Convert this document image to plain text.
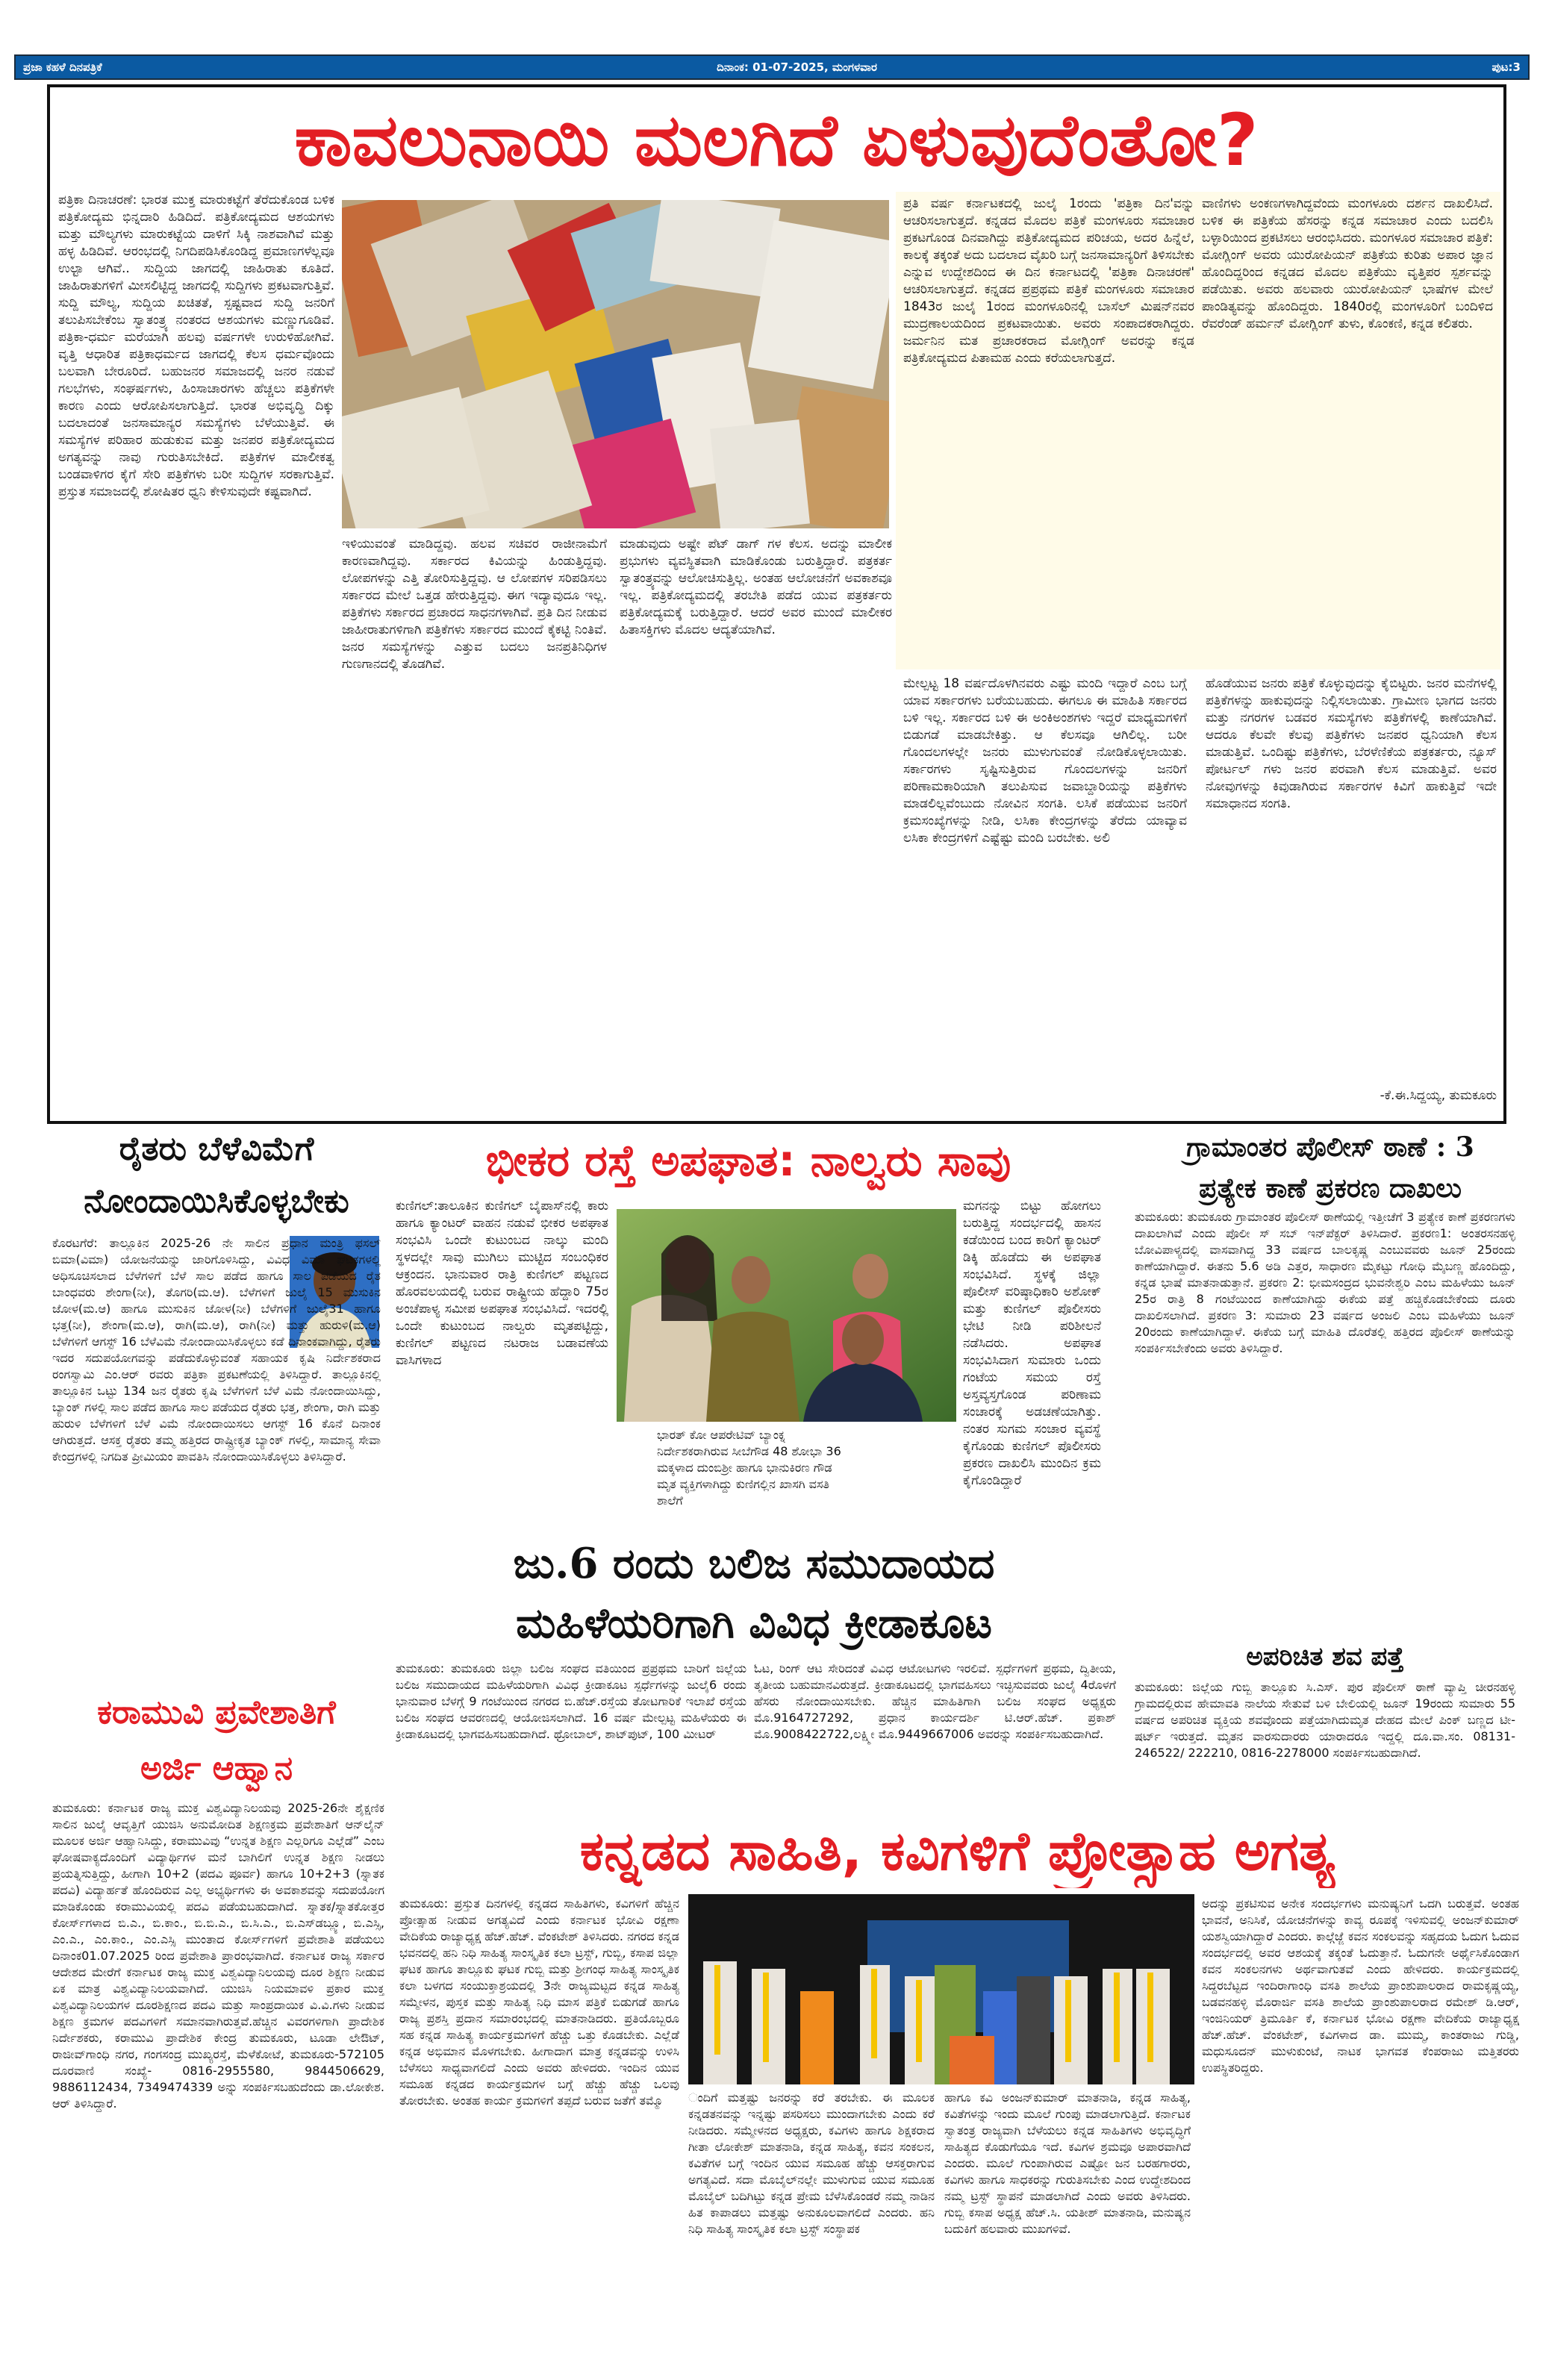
ಪ್ರಜಾ ಕಹಳೆ ದಿನಪತ್ರಿಕೆ	ದಿನಾಂಕ: 01-07-2025, ಮಂಗಳವಾರ	ಪುಟ:3
ಕಾವಲುನಾಯಿ ಮಲಗಿದೆ ಏಳುವುದೆಂತೋ?
ಪತ್ರಿಕಾ ದಿನಾಚರಣೆ: ಭಾರತ ಮುಕ್ತ ಮಾರುಕಟ್ಟೆಗೆ ತೆರೆದುಕೊಂಡ ಬಳಿಕ ಪತ್ರಿಕೋದ್ಯಮ ಭಿನ್ನದಾರಿ ಹಿಡಿದಿದೆ. ಪತ್ರಿಕೋದ್ಯಮದ ಆಶಯಗಳು ಮತ್ತು ಮೌಲ್ಯಗಳು ಮಾರುಕಟ್ಟೆಯ ದಾಳಿಗೆ ಸಿಕ್ಕಿ ನಾಶವಾಗಿವೆ ಮತ್ತು ಹಳ್ಳ ಹಿಡಿದಿವೆ. ಆರಂಭದಲ್ಲಿ ನಿಗದಿಪಡಿಸಿಕೊಂಡಿದ್ದ ಪ್ರಮಾಣಗಳೆಲ್ಲವೂ ಉಲ್ಟಾ ಆಗಿವೆ.. ಸುದ್ದಿಯ ಜಾಗದಲ್ಲಿ ಜಾಹಿರಾತು ಕೂತಿದೆ. ಜಾಹಿರಾತುಗಳಿಗೆ ಮೀಸಲಿಟ್ಟಿದ್ದ ಜಾಗದಲ್ಲಿ ಸುದ್ದಿಗಳು ಪ್ರಕಟವಾಗುತ್ತಿವೆ. ಸುದ್ದಿ ಮೌಲ್ಯ, ಸುದ್ದಿಯ ಖಚಿತತೆ, ಸ್ಪಷ್ಟವಾದ ಸುದ್ದಿ ಜನರಿಗೆ ತಲುಪಿಸಬೇಕೆಂಬ ಸ್ವಾತಂತ್ರ್ಯ ನಂತರದ ಆಶಯಗಳು ಮಣ್ಣುಗೂಡಿವೆ. ಪತ್ರಿಕಾ-ಧರ್ಮ ಮರೆಯಾಗಿ ಹಲವು ವರ್ಷಗಳೇ ಉರುಳಿಹೋಗಿವೆ. ವೃತ್ತಿ ಆಧಾರಿತ ಪತ್ರಿಕಾಧರ್ಮದ ಜಾಗದಲ್ಲಿ ಕೆಲಸ ಧರ್ಮವೊಂದು ಬಲವಾಗಿ ಬೇರೂರಿದೆ. ಬಹುಜನರ ಸಮಾಜದಲ್ಲಿ ಜನರ ನಡುವೆ ಗಲಭೆಗಳು, ಸಂಘರ್ಷಗಳು, ಹಿಂಸಾಚಾರಗಳು ಹೆಚ್ಚಲು ಪತ್ರಿಕೆಗಳೇ ಕಾರಣ ಎಂದು ಆರೋಪಿಸಲಾಗುತ್ತಿದೆ. ಭಾರತ ಅಭಿವೃದ್ಧಿ ದಿಕ್ಕು ಬದಲಾದಂತೆ ಜನಸಾಮಾನ್ಯರ ಸಮಸ್ಯೆಗಳು ಬೆಳೆಯುತ್ತಿವೆ. ಈ ಸಮಸ್ಯೆಗಳ ಪರಿಹಾರ ಹುಡುಕುವ ಮತ್ತು ಜನಪರ ಪತ್ರಿಕೋದ್ಯಮದ ಅಗತ್ಯವನ್ನು ನಾವು ಗುರುತಿಸಬೇಕಿದೆ. ಪತ್ರಿಕೆಗಳ ಮಾಲೀಕತ್ವ ಬಂಡವಾಳಿಗರ ಕೈಗೆ ಸೇರಿ ಪತ್ರಿಕೆಗಳು ಬರೀ ಸುದ್ದಿಗಳ ಸರಕಾಗುತ್ತಿವೆ. ಪ್ರಸ್ತುತ ಸಮಾಜದಲ್ಲಿ ಶೋಷಿತರ ಧ್ವನಿ ಕೇಳಿಸುವುದೇ ಕಷ್ಟವಾಗಿದೆ.
ಇಳಿಯುವಂತೆ ಮಾಡಿದ್ದವು. ಹಲವ ಸಚಿವರ ರಾಜೀನಾಮೆಗೆ ಕಾರಣವಾಗಿದ್ದವು. ಸರ್ಕಾರದ ಕಿವಿಯನ್ನು ಹಿಂಡುತ್ತಿದ್ದವು. ಲೋಪಗಳನ್ನು ಎತ್ತಿ ತೋರಿಸುತ್ತಿದ್ದವು. ಆ ಲೋಪಗಳ ಸರಿಪಡಿಸಲು ಸರ್ಕಾರದ ಮೇಲೆ ಒತ್ತಡ ಹೇರುತ್ತಿದ್ದವು. ಈಗ ಇದ್ಯಾವುದೂ ಇಲ್ಲ. ಪತ್ರಿಕೆಗಳು ಸರ್ಕಾರದ ಪ್ರಚಾರದ ಸಾಧನಗಳಾಗಿವೆ. ಪ್ರತಿ ದಿನ ನೀಡುವ ಜಾಹೀರಾತುಗಳಿಗಾಗಿ ಪತ್ರಿಕೆಗಳು ಸರ್ಕಾರದ ಮುಂದೆ ಕೈಕಟ್ಟಿ ನಿಂತಿವೆ. ಜನರ ಸಮಸ್ಯೆಗಳನ್ನು ಎತ್ತುವ ಬದಲು ಜನಪ್ರತಿನಿಧಿಗಳ ಗುಣಗಾನದಲ್ಲಿ ತೊಡಗಿವೆ.
ಮಾಡುವುದು ಅಷ್ಟೇ ಪೆಟ್ ಡಾಗ್ ಗಳ ಕೆಲಸ. ಅದನ್ನು ಮಾಲೀಕ ಪ್ರಭುಗಳು ವ್ಯವಸ್ಥಿತವಾಗಿ ಮಾಡಿಕೊಂಡು ಬರುತ್ತಿದ್ದಾರೆ. ಪತ್ರಕರ್ತ ಸ್ವಾತಂತ್ರ್ಯವನ್ನು ಆಲೋಚಿಸುತ್ತಿಲ್ಲ. ಅಂತಹ ಆಲೋಚನೆಗೆ ಅವಕಾಶವೂ ಇಲ್ಲ. ಪತ್ರಿಕೋದ್ಯಮದಲ್ಲಿ ತರಬೇತಿ ಪಡೆದ ಯುವ ಪತ್ರಕರ್ತರು ಪತ್ರಿಕೋದ್ಯಮಕ್ಕೆ ಬರುತ್ತಿದ್ದಾರೆ. ಆದರೆ ಅವರ ಮುಂದೆ ಮಾಲೀಕರ ಹಿತಾಸಕ್ತಿಗಳು ಮೊದಲ ಆದ್ಯತೆಯಾಗಿವೆ.
ಪ್ರತಿ ವರ್ಷ ಕರ್ನಾಟಕದಲ್ಲಿ ಜುಲೈ 1ರಂದು 'ಪತ್ರಿಕಾ ದಿನ'ವನ್ನು ಆಚರಿಸಲಾಗುತ್ತದೆ. ಕನ್ನಡದ ಮೊದಲ ಪತ್ರಿಕೆ ಮಂಗಳೂರು ಸಮಾಚಾರ ಪ್ರಕಟಗೊಂಡ ದಿನವಾಗಿದ್ದು ಪತ್ರಿಕೋದ್ಯಮದ ಪರಿಚಯ, ಅದರ ಹಿನ್ನೆಲೆ, ಕಾಲಕ್ಕೆ ತಕ್ಕಂತೆ ಅದು ಬದಲಾದ ವೈಖರಿ ಬಗ್ಗೆ ಜನಸಾಮಾನ್ಯರಿಗೆ ತಿಳಿಸಬೇಕು ಎನ್ನುವ ಉದ್ದೇಶದಿಂದ ಈ ದಿನ ಕರ್ನಾಟದಲ್ಲಿ 'ಪತ್ರಿಕಾ ದಿನಾಚರಣೆ' ಆಚರಿಸಲಾಗುತ್ತದೆ. ಕನ್ನಡದ ಪ್ರಪ್ರಥಮ ಪತ್ರಿಕೆ ಮಂಗಳೂರು ಸಮಾಚಾರ 1843ರ ಜುಲೈ 1ರಂದ ಮಂಗಳೂರಿನಲ್ಲಿ ಬಾಸೆಲ್ ಮಿಷನ್‌ನವರ ಮುದ್ರಣಾಲಯದಿಂದ ಪ್ರಕಟವಾಯಿತು. ಅವರು ಸಂಪಾದಕರಾಗಿದ್ದರು. ಜರ್ಮನಿನ ಮತ ಪ್ರಚಾರಕರಾದ ಮೋಗ್ಲಿಂಗ್ ಅವರನ್ನು ಕನ್ನಡ ಪತ್ರಿಕೋದ್ಯಮದ ಪಿತಾಮಹ ಎಂದು ಕರೆಯಲಾಗುತ್ತದೆ.
ವಾಣಿಗಳು ಅಂಕಣಗಳಾಗಿದ್ದವೆಂದು ಮಂಗಳೂರು ದರ್ಶನ ದಾಖಲಿಸಿದೆ. ಬಳಿಕ ಈ ಪತ್ರಿಕೆಯ ಹೆಸರನ್ನು ಕನ್ನಡ ಸಮಾಚಾರ ಎಂದು ಬದಲಿಸಿ ಬಳ್ಳಾರಿಯಿಂದ ಪ್ರಕಟಿಸಲು ಆರಂಭಿಸಿದರು. ಮಂಗಳೂರ ಸಮಾಚಾರ ಪತ್ರಿಕೆ: ಮೋಗ್ಲಿಂಗ್ ಅವರು ಯುರೋಪಿಯನ್ ಪತ್ರಿಕೆಯ ಕುರಿತು ಅಪಾರ ಜ್ಞಾನ ಹೊಂದಿದ್ದರಿಂದ ಕನ್ನಡದ ಮೊದಲ ಪತ್ರಿಕೆಯು ವೃತ್ತಿಪರ ಸ್ಪರ್ಶವನ್ನು ಪಡೆಯಿತು. ಅವರು ಹಲವಾರು ಯುರೋಪಿಯನ್ ಭಾಷೆಗಳ ಮೇಲೆ ಪಾಂಡಿತ್ಯವನ್ನು ಹೊಂದಿದ್ದರು. 1840ರಲ್ಲಿ ಮಂಗಳೂರಿಗೆ ಬಂದಿಳಿದ ರೆವರೆಂಡ್ ಹರ್ಮನ್ ಮೋಗ್ಲಿಂಗ್ ತುಳು, ಕೊಂಕಣಿ, ಕನ್ನಡ ಕಲಿತರು.
ಮೇಲ್ಪಟ್ಟ 18 ವರ್ಷದೊಳಗಿನವರು ಎಷ್ಟು ಮಂದಿ ಇದ್ದಾರೆ ಎಂಬ ಬಗ್ಗೆ ಯಾವ ಸರ್ಕಾರಗಳು ಬರೆಯಬಹುದು. ಈಗಲೂ ಈ ಮಾಹಿತಿ ಸರ್ಕಾರದ ಬಳಿ ಇಲ್ಲ. ಸರ್ಕಾರದ ಬಳಿ ಈ ಅಂಕಿಅಂಶಗಳು ಇದ್ದರೆ ಮಾಧ್ಯಮಗಳಿಗೆ ಬಿಡುಗಡೆ ಮಾಡಬೇಕಿತ್ತು. ಆ ಕೆಲಸವೂ ಆಗಿಲಿಲ್ಲ. ಬರೀ ಗೊಂದಲಗಳಲ್ಲೇ ಜನರು ಮುಳುಗುವಂತೆ ನೋಡಿಕೊಳ್ಳಲಾಯಿತು. ಸರ್ಕಾರಗಳು ಸೃಷ್ಟಿಸುತ್ತಿರುವ ಗೊಂದಲಗಳನ್ನು ಜನರಿಗೆ ಪರಿಣಾಮಕಾರಿಯಾಗಿ ತಲುಪಿಸುವ ಜವಾಬ್ದಾರಿಯನ್ನು ಪತ್ರಿಕೆಗಳು ಮಾಡಲಿಲ್ಲವೆಂಬುದು ನೋವಿನ ಸಂಗತಿ. ಲಸಿಕೆ ಪಡೆಯುವ ಜನರಿಗೆ ಕ್ರಮಸಂಖ್ಯೆಗಳನ್ನು ನೀಡಿ, ಲಸಿಕಾ ಕೇಂದ್ರಗಳನ್ನು ತೆರೆದು ಯಾವ್ಯಾವ ಲಸಿಕಾ ಕೇಂದ್ರಗಳಿಗೆ ಎಷ್ಟೆಷ್ಟು ಮಂದಿ ಬರಬೇಕು. ಅಲಿ
ಹೊಡೆಯುವ ಜನರು ಪತ್ರಿಕೆ ಕೊಳ್ಳುವುದನ್ನು ಕೈಬಿಟ್ಟರು. ಜನರ ಮನೆಗಳಲ್ಲಿ ಪತ್ರಿಕೆಗಳನ್ನು ಹಾಕುವುದನ್ನು ನಿಲ್ಲಿಸಲಾಯಿತು. ಗ್ರಾಮೀಣ ಭಾಗದ ಜನರು ಮತ್ತು ನಗರಗಳ ಬಡವರ ಸಮಸ್ಯೆಗಳು ಪತ್ರಿಕೆಗಳಲ್ಲಿ ಕಾಣೆಯಾಗಿವೆ. ಆದರೂ ಕೆಲವೇ ಕೆಲವು ಪತ್ರಿಕೆಗಳು ಜನಪರ ಧ್ವನಿಯಾಗಿ ಕೆಲಸ ಮಾಡುತ್ತಿವೆ. ಒಂದಿಷ್ಟು ಪತ್ರಿಕೆಗಳು, ಬೆರಳೆಣಿಕೆಯ ಪತ್ರಕರ್ತರು, ನ್ಯೂಸ್ ಪೋರ್ಟಲ್ ಗಳು ಜನರ ಪರವಾಗಿ ಕೆಲಸ ಮಾಡುತ್ತಿವೆ. ಅವರ ನೋವುಗಳನ್ನು ಕಿವುಡಾಗಿರುವ ಸರ್ಕಾರಗಳ ಕಿವಿಗೆ ಹಾಕುತ್ತಿವೆ ಇದೇ ಸಮಾಧಾನದ ಸಂಗತಿ.
-ಕೆ.ಈ.ಸಿದ್ದಯ್ಯ, ತುಮಕೂರು
ರೈತರು ಬೆಳೆವಿಮೆಗೆ
ನೋಂದಾಯಿಸಿಕೊಳ್ಳಬೇಕು
ಕೊರಟಗೆರೆ: ತಾಲ್ಲೂಕಿನ 2025-26 ನೇ ಸಾಲಿನ ಪ್ರಧಾನ ಮಂತ್ರಿ ಫಸಲ್ ಬಿಮಾ(ವಿಮಾ) ಯೋಜನೆಯನ್ನು ಜಾರಿಗೊಳಿಸಿದ್ದು, ವಿವಿಧ ವಿಮಾ ಘಟಕಗಳಲ್ಲಿ ಅಧಿಸೂಚಿಸಲಾದ ಬೆಳೆಗಳಿಗೆ ಬೆಳೆ ಸಾಲ ಪಡೆದ ಹಾಗೂ ಸಾಲ ಪಡೆಯದ ರೈತ ಬಾಂಧವರು ಶೇಂಗಾ(ನೀ), ತೊಗರಿ(ಮ.ಆ). ಬೆಳೆಗಳಿಗೆ ಜುಲೈ 15 ಮುಸುಕಿನ ಜೋಳ(ಮ.ಆ) ಹಾಗೂ ಮುಸುಕಿನ ಜೋಳ(ನೀ) ಬೆಳೆಗಳಿಗೆ ಜುಲೈ31 ಹಾಗೂ ಭತ್ತ(ನೀ), ಶೇಂಗಾ(ಮ.ಆ), ರಾಗಿ(ಮ.ಆ), ರಾಗಿ(ನೀ) ಮತ್ತು ಹುರುಳಿ(ಮ.ಆ) ಬೆಳೆಗಳಿಗೆ ಆಗಸ್ಟ್ 16 ಬೆಳೆವಿಮೆ ನೋಂದಾಯಿಸಿಕೊಳ್ಳಲು ಕಡೆ ದಿನಾಂಕವಾಗಿದ್ದು, ರೈತರು ಇದರ ಸದುಪಯೋಗವನ್ನು ಪಡೆದುಕೊಳ್ಳುವಂತೆ ಸಹಾಯಕ ಕೃಷಿ ನಿರ್ದೇಶಕರಾದ ರಂಗಸ್ವಾಮಿ ಎಂ.ಆರ್ ರವರು ಪತ್ರಿಕಾ ಪ್ರಕಟಣೆಯಲ್ಲಿ ತಿಳಿಸಿದ್ದಾರೆ. ತಾಲ್ಲೂಕಿನಲ್ಲಿ ತಾಲ್ಲೂಕಿನ ಒಟ್ಟು 134 ಜನ ರೈತರು ಕೃಷಿ ಬೆಳೆಗಳಿಗೆ ಬೆಳೆ ವಿಮೆ ನೋಂದಾಯಿಸಿದ್ದು, ಬ್ಯಾಂಕ್ ಗಳಲ್ಲಿ ಸಾಲ ಪಡೆದ ಹಾಗೂ ಸಾಲ ಪಡೆಯದ ರೈತರು ಭತ್ತ, ಶೇಂಗಾ, ರಾಗಿ ಮತ್ತು ಹುರುಳಿ ಬೆಳೆಗಳಿಗೆ ಬೆಳೆ ವಿಮೆ ನೋಂದಾಯಿಸಲು ಆಗಸ್ಟ್ 16 ಕೊನೆ ದಿನಾಂಕ ಆಗಿರುತ್ತದೆ. ಆಸಕ್ತ ರೈತರು ತಮ್ಮ ಹತ್ತಿರದ ರಾಷ್ಟ್ರೀಕೃತ ಬ್ಯಾಂಕ್ ಗಳಲ್ಲಿ, ಸಾಮಾನ್ಯ ಸೇವಾ ಕೇಂದ್ರಗಳಲ್ಲಿ ನಿಗದಿತ ಪ್ರೀಮಿಯಂ ಪಾವತಿಸಿ ನೋಂದಾಯಿಸಿಕೊಳ್ಳಲು ತಿಳಿಸಿದ್ದಾರೆ.
ಭೀಕರ ರಸ್ತೆ ಅಪಘಾತ: ನಾಲ್ವರು ಸಾವು
ಕುಣಿಗಲ್:ತಾಲೂಕಿನ ಕುಣಿಗಲ್ ಬೈಪಾಸ್‌ನಲ್ಲಿ ಕಾರು ಹಾಗೂ ಕ್ಯಾಂಟರ್ ವಾಹನ ನಡುವೆ ಭೀಕರ ಅಪಘಾತ ಸಂಭವಿಸಿ ಒಂದೇ ಕುಟುಂಬದ ನಾಲ್ಕು ಮಂದಿ ಸ್ಥಳದಲ್ಲೇ ಸಾವು ಮುಗಿಲು ಮುಟ್ಟಿದ ಸಂಬಂಧಿಕರ ಆಕ್ರಂದನ. ಭಾನುವಾರ ರಾತ್ರಿ ಕುಣಿಗಲ್ ಪಟ್ಟಣದ ಹೊರವಲಯದಲ್ಲಿ ಬರುವ ರಾಷ್ಟ್ರೀಯ ಹೆದ್ದಾರಿ 75ರ ಅಂಚೆಪಾಳ್ಯ ಸಮೀಪ ಅಪಘಾತ ಸಂಭವಿಸಿದೆ. ಇದರಲ್ಲಿ ಒಂದೇ ಕುಟುಂಬದ ನಾಲ್ವರು ಮೃತಪಟ್ಟಿದ್ದು, ಕುಣಿಗಲ್ ಪಟ್ಟಣದ ನಟರಾಜ ಬಡಾವಣೆಯ ವಾಸಿಗಳಾದ
ಭಾರತ್ ಕೋ ಆಪರೇಟಿವ್ ಬ್ಯಾಂಕ್ನ ನಿರ್ದೇಶಕರಾಗಿರುವ ಸೀಬೆಗೌಡ 48 ಶೋಭಾ 36 ಮಕ್ಕಳಾದ ದುಂಬಿಶ್ರೀ ಹಾಗೂ ಭಾನುಕಿರಣ ಗೌಡ ಮೃತ ವ್ಯಕ್ತಿಗಳಾಗಿದ್ದು ಕುಣಿಗಲ್ಲಿನ ಖಾಸಗಿ ವಸತಿ ಶಾಲೆಗೆ
ಮಗನನ್ನು ಬಿಟ್ಟು ಹೋಗಲು ಬರುತ್ತಿದ್ದ ಸಂದರ್ಭದಲ್ಲಿ ಹಾಸನ ಕಡೆಯಿಂದ ಬಂದ ಕಾರಿಗೆ ಕ್ಯಾಂಟರ್ ಡಿಕ್ಕಿ ಹೊಡೆದು ಈ ಅಪಘಾತ ಸಂಭವಿಸಿದೆ. ಸ್ಥಳಕ್ಕೆ ಜಿಲ್ಲಾ ಪೊಲೀಸ್ ವರಿಷ್ಠಾಧಿಕಾರಿ ಅಶೋಕ್ ಮತ್ತು ಕುಣಿಗಲ್ ಪೊಲೀಸರು ಭೇಟಿ ನೀಡಿ ಪರಿಶೀಲನೆ ನಡೆಸಿದರು. ಅಪಘಾತ ಸಂಭವಿಸಿದಾಗ ಸುಮಾರು ಒಂದು ಗಂಟೆಯ ಸಮಯ ರಸ್ತೆ ಅಸ್ತವ್ಯಸ್ತಗೊಂಡ ಪರಿಣಾಮ ಸಂಚಾರಕ್ಕೆ ಅಡಚಣೆಯಾಗಿತ್ತು. ನಂತರ ಸುಗಮ ಸಂಚಾರ ವ್ಯವಸ್ಥೆ ಕೈಗೊಂಡು ಕುಣಿಗಲ್ ಪೊಲೀಸರು ಪ್ರಕರಣ ದಾಖಲಿಸಿ ಮುಂದಿನ ಕ್ರಮ ಕೈಗೊಂಡಿದ್ದಾರೆ
ಗ್ರಾಮಾಂತರ ಪೊಲೀಸ್ ಠಾಣೆ : 3
ಪ್ರತ್ಯೇಕ ಕಾಣೆ ಪ್ರಕರಣ ದಾಖಲು
ತುಮಕೂರು: ತುಮಕೂರು ಗ್ರಾಮಾಂತರ ಪೊಲೀಸ್ ಠಾಣೆಯಲ್ಲಿ ಇತ್ತೀಚೆಗೆ 3 ಪ್ರತ್ಯೇಕ ಕಾಣೆ ಪ್ರಕರಣಗಳು ದಾಖಲಾಗಿವೆ ಎಂದು ಪೊಲೀ ಸ್ ಸಬ್ ಇನ್‌ಪೆಕ್ಟರ್ ತಿಳಿಸಿದಾರೆ. ಪ್ರಕರಣ1: ಅಂತರಸನಹಳ್ಳಿ ಬೋವಿಪಾಳ್ಯದಲ್ಲಿ ವಾಸವಾಗಿದ್ದ 33 ವರ್ಷದ ಬಾಲಕೃಷ್ಣ ಎಂಬುವವರು ಜೂನ್ 25ರಂದು ಕಾಣೆಯಾಗಿದ್ದಾರೆ. ಈತನು 5.6 ಅಡಿ ಎತ್ತರ, ಸಾಧಾರಣ ಮೈಕಟ್ಟು ಗೋಧಿ ಮೈಬಣ್ಣ ಹೊಂದಿದ್ದು, ಕನ್ನಡ ಭಾಷೆ ಮಾತನಾಡುತ್ತಾನೆ. ಪ್ರಕರಣ 2: ಭೀಮಸಂದ್ರದ ಭುವನೇಶ್ವರಿ ಎಂಬ ಮಹಿಳೆಯು ಜೂನ್ 25ರ ರಾತ್ರಿ 8 ಗಂಟೆಯಿಂದ ಕಾಣೆಯಾಗಿದ್ದು ಈಕೆಯ ಪತ್ತೆ ಹಚ್ಚಿಕೊಡಬೇಕೆಂದು ದೂರು ದಾಖಲಿಸಲಾಗಿದೆ. ಪ್ರಕರಣ 3: ಸುಮಾರು 23 ವರ್ಷದ ಅಂಜಲಿ ಎಂಬ ಮಹಿಳೆಯು ಜೂನ್ 20ರಂದು ಕಾಣೆಯಾಗಿದ್ದಾಳೆ. ಈಕೆಯ ಬಗ್ಗೆ ಮಾಹಿತಿ ದೊರೆತಲ್ಲಿ ಹತ್ತಿರದ ಪೊಲೀಸ್ ಠಾಣೆಯನ್ನು ಸಂಪರ್ಕಿಸಬೇಕೆಂದು ಅವರು ತಿಳಿಸಿದ್ದಾರೆ.
ಅಪರಿಚಿತ ಶವ ಪತ್ತೆ
ತುಮಕೂರು: ಜಿಲ್ಲೆಯ ಗುಬ್ಬಿ ತಾಲ್ಲೂಕು ಸಿ.ಎಸ್. ಪುರ ಪೊಲೀಸ್ ಠಾಣೆ ವ್ಯಾಪ್ತಿ ಚೀರನಹಳ್ಳಿ ಗ್ರಾಮದಲ್ಲಿರುವ ಹೇಮಾವತಿ ನಾಲೆಯ ಸೇತುವೆ ಬಳಿ ಬೇಲಿಯಲ್ಲಿ ಜೂನ್ 19ರಂದು ಸುಮಾರು 55 ವರ್ಷದ ಅಪರಿಚಿತ ವ್ಯಕ್ತಿಯ ಶವವೊಂದು ಪತ್ತೆಯಾಗಿದುಮೃತ ದೇಹದ ಮೇಲೆ ಪಿಂಕ್ ಬಣ್ಣದ ಟೀ-ಷರ್ಟ್ ಇರುತ್ತದೆ. ಮೃತನ ವಾರಸುದಾರರು ಯಾರಾದರೂ ಇದ್ದಲ್ಲಿ ದೂ.ವಾ.ಸಂ. 08131-246522/ 222210, 0816-2278000 ಸಂಪರ್ಕಿಸಬಹುದಾಗಿದೆ.
ಜು.6 ರಂದು ಬಲಿಜ ಸಮುದಾಯದ
ಮಹಿಳೆಯರಿಗಾಗಿ ವಿವಿಧ ಕ್ರೀಡಾಕೂಟ
ತುಮಕೂರು: ತುಮಕೂರು ಜಿಲ್ಲಾ ಬಲಿಜ ಸಂಘದ ವತಿಯಿಂದ ಪ್ರಪ್ರಥಮ ಬಾರಿಗೆ ಜಿಲ್ಲೆಯ ಬಲಿಜ ಸಮುದಾಯದ ಮಹಿಳೆಯರಿಗಾಗಿ ವಿವಿಧ ಕ್ರೀಡಾಕೂಟ ಸ್ಪರ್ಧೆಗಳನ್ನು ಜುಲೈ6 ರಂದು ಭಾನುವಾರ ಬೆಳಗ್ಗೆ 9 ಗಂಟೆಯಿಂದ ನಗರದ ಬಿ.ಹೆಚ್.ರಸ್ತೆಯ ತೋಟಗಾರಿಕೆ ಇಲಾಖೆ ರಸ್ತೆಯ ಬಲಿಜ ಸಂಘದ ಆವರಣದಲ್ಲಿ ಆಯೋಜಿಸಲಾಗಿದೆ. 16 ವರ್ಷ ಮೇಲ್ಪಟ್ಟ ಮಹಿಳೆಯರು ಈ ಕ್ರೀಡಾಕೂಟದಲ್ಲಿ ಭಾಗವಹಿಸಬಹುದಾಗಿದೆ. ಥ್ರೋಬಾಲ್, ಶಾಟ್‌ಪುಟ್, 100 ಮೀಟರ್
ಓಟ, ರಿಂಗ್ ಆಟ ಸೇರಿದಂತೆ ವಿವಿಧ ಆಟೋಟಗಳು ಇರಲಿವೆ. ಸ್ಪರ್ಧೆಗಳಿಗೆ ಪ್ರಥಮ, ದ್ವಿತೀಯ, ತೃತೀಯ ಬಹುಮಾನವಿರುತ್ತದೆ. ಕ್ರೀಡಾಕೂಟದಲ್ಲಿ ಭಾಗವಹಿಸಲು ಇಚ್ಛಿಸುವವರು ಜುಲೈ 4ರೊಳಗೆ ಹೆಸರು ನೋಂದಾಯಿಸಬೇಕು. ಹೆಚ್ಚಿನ ಮಾಹಿತಿಗಾಗಿ ಬಲಿಜ ಸಂಘದ ಅಧ್ಯಕ್ಷರು ಮೊ.9164727292, ಪ್ರಧಾನ ಕಾರ್ಯದರ್ಶಿ ಟಿ.ಆರ್.ಹೆಚ್. ಪ್ರಕಾಶ್ ಮೊ.9008422722,ಲಕ್ಷ್ಮೀ ಮೊ.9449667006 ಅವರನ್ನು ಸಂಪರ್ಕಿಸಬಹುದಾಗಿದೆ.
ಕರಾಮುವಿ ಪ್ರವೇಶಾತಿಗೆ
ಅರ್ಜಿ ಆಹ್ವಾನ
ತುಮಕೂರು: ಕರ್ನಾಟಕ ರಾಜ್ಯ ಮುಕ್ತ ವಿಶ್ವವಿದ್ಯಾನಿಲಯವು 2025-26ನೇ ಶೈಕ್ಷಣಿಕ ಸಾಲಿನ ಜುಲೈ ಆವೃತ್ತಿಗೆ ಯುಜಿಸಿ ಅನುಮೋದಿತ ಶಿಕ್ಷಣಕ್ರಮ ಪ್ರವೇಶಾತಿಗೆ ಆನ್‌ಲೈನ್ ಮೂಲಕ ಅರ್ಜಿ ಆಹ್ವಾನಿಸಿದ್ದು, ಕರಾಮುವಿವು “ಉನ್ನತ ಶಿಕ್ಷಣ ಎಲ್ಲರಿಗೂ ಎಲ್ಲೆಡೆ” ಎಂಬ ಘೋಷವಾಕ್ಯದೊಂದಿಗೆ ವಿದ್ಯಾರ್ಥಿಗಳ ಮನೆ ಬಾಗಿಲಿಗೆ ಉನ್ನತ ಶಿಕ್ಷಣ ನೀಡಲು ಪ್ರಯತ್ನಿಸುತ್ತಿದ್ದು, ಹೀಗಾಗಿ 10+2 (ಪದವಿ ಪೂರ್ವ) ಹಾಗೂ 10+2+3 (ಸ್ನಾತಕ ಪದವಿ) ವಿದ್ಯಾರ್ಹತೆ ಹೊಂದಿರುವ ಎಲ್ಲ ಅಭ್ಯರ್ಥಿಗಳು ಈ ಅವಕಾಶವನ್ನು ಸದುಪಯೋಗ ಮಾಡಿಕೊಂಡು ಕರಾಮುವಿಯಲ್ಲಿ ಪದವಿ ಪಡೆಯಬಹುದಾಗಿದೆ. ಸ್ನಾತಕ/ಸ್ನಾತಕೋತ್ತರ ಕೋರ್ಸ್‌ಗಳಾದ ಬಿ.ಎ., ಬಿ.ಕಾಂ., ಬಿ.ಬಿ.ಎ., ಬಿ.ಸಿ.ಎ., ಬಿ.ಎಸ್‌ಡಬ್ಲ್ಯೂ, ಬಿ.ಎಸ್ಸಿ, ಎಂ.ಎ., ಎಂ.ಕಾಂ., ಎಂ.ಎಸ್ಸಿ ಮುಂತಾದ ಕೋರ್ಸ್‌ಗಳಿಗೆ ಪ್ರವೇಶಾತಿ ಪಡೆಯಲು ದಿನಾಂಕ01.07.2025 ರಿಂದ ಪ್ರವೇಶಾತಿ ಪ್ರಾರಂಭವಾಗಿದೆ. ಕರ್ನಾಟಕ ರಾಜ್ಯ ಸರ್ಕಾರ ಆದೇಶದ ಮೇರೆಗೆ ಕರ್ನಾಟಕ ರಾಜ್ಯ ಮುಕ್ತ ವಿಶ್ವವಿದ್ಯಾನಿಲಯವು ದೂರ ಶಿಕ್ಷಣ ನೀಡುವ ಏಕ ಮಾತ್ರ ವಿಶ್ವವಿದ್ಯಾನಿಲಯವಾಗಿದೆ. ಯುಜಿಸಿ ನಿಯಮಾವಳಿ ಪ್ರಕಾರ ಮುಕ್ತ ವಿಶ್ವವಿದ್ಯಾನಿಲಯಗಳ ದೂರಶಿಕ್ಷಣದ ಪದವಿ ಮತ್ತು ಸಾಂಪ್ರದಾಯಿಕ ವಿ.ವಿ.ಗಳು ನೀಡುವ ಶಿಕ್ಷಣ ಕ್ರಮಗಳ ಪದವಿಗಳಿಗೆ ಸಮಾನವಾಗಿರುತ್ತವೆ.ಹೆಚ್ಚಿನ ವಿವರಗಳಿಗಾಗಿ ಪ್ರಾದೇಶಿಕ ನಿರ್ದೇಶಕರು, ಕರಾಮುವಿ ಪ್ರಾದೇಶಿಕ ಕೇಂದ್ರ ತುಮಕೂರು, ಟೂಡಾ ಲೇಔಟ್, ರಾಜೀವ್‌ಗಾಂಧಿ ನಗರ, ಗಂಗಸಂದ್ರ ಮುಖ್ಯರಸ್ತೆ, ಮೆಳೆಕೋಟೆ, ತುಮಕೂರು-572105 ದೂರವಾಣಿ ಸಂಖ್ಯೆ- 0816-2955580, 9844506629, 9886112434, 7349474339 ಅನ್ನು ಸಂಪರ್ಕಿಸಬಹುದೆಂದು ಡಾ.ಲೋಕೇಶ. ಆರ್ ತಿಳಿಸಿದ್ದಾರೆ.
ಕನ್ನಡದ ಸಾಹಿತಿ, ಕವಿಗಳಿಗೆ ಪ್ರೋತ್ಸಾಹ ಅಗತ್ಯ
ತುಮಕೂರು: ಪ್ರಸ್ತುತ ದಿನಗಳಲ್ಲಿ ಕನ್ನಡದ ಸಾಹಿತಿಗಳು, ಕವಿಗಳಿಗೆ ಹೆಚ್ಚಿನ ಪ್ರೋತ್ಸಾಹ ನೀಡುವ ಅಗತ್ಯವಿದೆ ಎಂದು ಕರ್ನಾಟಕ ಭೋವಿ ರಕ್ಷಣಾ ವೇದಿಕೆಯ ರಾಜ್ಯಾಧ್ಯಕ್ಷ ಹೆಚ್.ಹೆಚ್. ವೆಂಕಟೇಶ್ ತಿಳಿಸಿದರು. ನಗರದ ಕನ್ನಡ ಭವನದಲ್ಲಿ ಹನಿ ನಿಧಿ ಸಾಹಿತ್ಯ ಸಾಂಸ್ಕೃತಿಕ ಕಲಾ ಟ್ರಸ್ಟ್, ಗುಬ್ಬಿ, ಕಸಾಪ ಜಿಲ್ಲಾ ಘಟಕ ಹಾಗೂ ತಾಲ್ಲೂಕು ಘಟಕ ಗುಬ್ಬಿ ಮತ್ತು ಶ್ರೀಗಂಧ ಸಾಹಿತ್ಯ ಸಾಂಸ್ಕೃತಿಕ ಕಲಾ ಬಳಗದ ಸಂಯುಕ್ತಾಶ್ರಯದಲ್ಲಿ 3ನೇ ರಾಜ್ಯಮಟ್ಟದ ಕನ್ನಡ ಸಾಹಿತ್ಯ ಸಮ್ಮೇಳನ, ಪುಸ್ತಕ ಮತ್ತು ಸಾಹಿತ್ಯ ನಿಧಿ ಮಾಸ ಪತ್ರಿಕೆ ಬಿಡುಗಡೆ ಹಾಗೂ ರಾಜ್ಯ ಪ್ರಶಸ್ತಿ ಪ್ರದಾನ ಸಮಾರಂಭದಲ್ಲಿ ಮಾತನಾಡಿದರು. ಪ್ರತಿಯೊಬ್ಬರೂ ಸಹ ಕನ್ನಡ ಸಾಹಿತ್ಯ ಕಾರ್ಯಕ್ರಮಗಳಿಗೆ ಹೆಚ್ಚು ಒತ್ತು ಕೊಡಬೇಕು. ಎಲ್ಲೆಡೆ ಕನ್ನಡ ಅಭಿಮಾನ ಮೊಳಗಬೇಕು. ಹೀಗಾದಾಗ ಮಾತ್ರ ಕನ್ನಡವನ್ನು ಉಳಿಸಿ ಬೆಳೆಸಲು ಸಾಧ್ಯವಾಗಲಿದೆ ಎಂದು ಅವರು ಹೇಳಿದರು. ಇಂದಿನ ಯುವ ಸಮೂಹ ಕನ್ನಡದ ಕಾರ್ಯಕ್ರಮಗಳ ಬಗ್ಗೆ ಹೆಚ್ಚು ಹೆಚ್ಚು ಒಲವು ತೋರಬೇಕು. ಅಂತಹ ಕಾರ್ಯ ಕ್ರಮಗಳಿಗೆ ತಪ್ಪದೆ ಬರುವ ಜತೆಗೆ ತಮ್ಮೊ	ಂದಿಗೆ ಮತ್ತಷ್ಟು ಜನರನ್ನು ಕರೆ ತರಬೇಕು. ಈ ಮೂಲಕ ಕನ್ನಡತನವನ್ನು ಇನ್ನಷ್ಟು ಪಸರಿಸಲು ಮುಂದಾಗಬೇಕು ಎಂದು ಕರೆ ನೀಡಿದರು. ಸಮ್ಮೇಳನದ ಅಧ್ಯಕ್ಷರು, ಕವಿಗಳು ಹಾಗೂ ಶಿಕ್ಷಕರಾದ ಗೀತಾ ಲೋಕೇಶ್ ಮಾತನಾಡಿ, ಕನ್ನಡ ಸಾಹಿತ್ಯ, ಕವನ ಸಂಕಲನ, ಕವಿತೆಗಳ ಬಗ್ಗೆ ಇಂದಿನ ಯುವ ಸಮೂಹ ಹೆಚ್ಚು ಆಸಕ್ತರಾಗುವ ಅಗತ್ಯವಿದೆ. ಸದಾ ಮೊಬೈಲ್‌ನಲ್ಲೇ ಮುಳುಗುವ ಯುವ ಸಮೂಹ ಮೊಬೈಲ್ ಬದಿಗಿಟ್ಟು ಕನ್ನಡ ಪ್ರೇಮ ಬೆಳೆಸಿಕೊಂಡರೆ ನಮ್ಮ ನಾಡಿನ ಹಿತ ಕಾಪಾಡಲು ಮತ್ತಷ್ಟು ಅನುಕೂಲವಾಗಲಿದೆ ಎಂದರು. ಹನಿ ನಿಧಿ ಸಾಹಿತ್ಯ ಸಾಂಸ್ಕೃತಿಕ ಕಲಾ ಟ್ರಸ್ಟ್ ಸಂಸ್ಥಾಪಕ
ಹಾಗೂ ಕವಿ ಅಂಜನ್‌ಕುಮಾರ್ ಮಾತನಾಡಿ, ಕನ್ನಡ ಸಾಹಿತ್ಯ, ಕವಿತೆಗಳನ್ನು ಇಂದು ಮೂಲೆ ಗುಂಪು ಮಾಡಲಾಗುತ್ತಿದೆ. ಕರ್ನಾಟಕ ಸ್ವಾತಂತ್ರ ರಾಜ್ಯವಾಗಿ ಬೆಳೆಯಲು ಕನ್ನಡ ಸಾಹಿತಿಗಳು ಅಭಿವೃದ್ಧಿಗೆ ಸಾಹಿತ್ಯದ ಕೊಡುಗೆಯೂ ಇದೆ. ಕವಿಗಳ ಶ್ರಮವೂ ಅಪಾರವಾಗಿದೆ ಎಂದರು. ಮೂಲೆ ಗುಂಪಾಗಿರುವ ಎಷ್ಟೋ ಜನ ಬರಹಗಾರರು, ಕವಿಗಳು ಹಾಗೂ ಸಾಧಕರನ್ನು ಗುರುತಿಸಬೇಕು ಎಂದ ಉದ್ದೇಶದಿಂದ ನಮ್ಮ ಟ್ರಸ್ಟ್ ಸ್ಥಾಪನೆ ಮಾಡಲಾಗಿದೆ ಎಂದು ಅವರು ತಿಳಿಸಿದರು. ಗುಬ್ಬಿ ಕಸಾಪ ಅಧ್ಯಕ್ಷ ಹೆಚ್.ಸಿ. ಯತೀಶ್ ಮಾತನಾಡಿ, ಮನುಷ್ಯನ ಬದುಕಿಗೆ ಹಲವಾರು ಮುಖಗಳಿವೆ.
ಅದನ್ನು ಪ್ರಕಟಿಸುವ ಅನೇಕ ಸಂದರ್ಭಗಳು ಮನುಷ್ಯನಿಗೆ ಒದಗಿ ಬರುತ್ತವೆ. ಅಂತಹ ಭಾವನೆ, ಅನಿಸಿಕೆ, ಯೋಚನೆಗಳನ್ನು ಕಾವ್ಯ ರೂಪಕ್ಕೆ ಇಳಿಸುವಲ್ಲಿ ಅಂಜನ್‌ಕುಮಾರ್ ಯಶಸ್ವಿಯಾಗಿದ್ದಾರೆ ಎಂದರು. ಕಾಲ್ಗೆಜ್ಜೆ ಕವನ ಸಂಕಲವನ್ನು ಸಹೃದಯ ಓದುಗ ಓದುವ ಸಂದರ್ಭದಲ್ಲಿ ಅವರ ಆಶಯಕ್ಕೆ ತಕ್ಕಂತೆ ಓದುತ್ತಾನೆ. ಓದುಗನೇ ಅರ್ಥೈಸಿಕೊಂಡಾಗ ಕವನ ಸಂಕಲನಗಳು ಅರ್ಥವಾಗುತವೆ ಎಂದು ಹೇಳಿದರು. ಕಾರ್ಯಕ್ರಮದಲ್ಲಿ ಸಿದ್ದರಬೆಟ್ಟದ ಇಂದಿರಾಗಾಂಧಿ ವಸತಿ ಶಾಲೆಯ ಪ್ರಾಂಶುಪಾಲರಾದ ರಾಮಕೃಷ್ಣಯ್ಯ, ಬಡವನಹಳ್ಳಿ ಮೊರಾರ್ಜಿ ವಸತಿ ಶಾಲೆಯ ಪ್ರಾಂಶುಪಾಲರಾದ ರಮೇಶ್ ಡಿ.ಆರ್, ಇಂಜಿನಿಯರ್ ತ್ರಿಮೂರ್ತಿ ಕೆ, ಕರ್ನಾಟಕ ಭೋವಿ ರಕ್ಷಣಾ ವೇದಿಕೆಯ ರಾಜ್ಯಾಧ್ಯಕ್ಷ ಹೆಚ್.ಹೆಚ್. ವೆಂಕಟೇಶ್, ಕವಿಗಳಾದ ಡಾ. ಮುಮ್ಮ, ಕಾಂತರಾಜು ಗುಡ್ಡಿ, ಮಧುಸೂದನ್ ಮುಳುಕುಂಟೆ, ನಾಟಕ ಭಾಗವತ ಕೆಂಪರಾಜು ಮತ್ತಿತರರು ಉಪಸ್ಥಿತರಿದ್ದರು.
